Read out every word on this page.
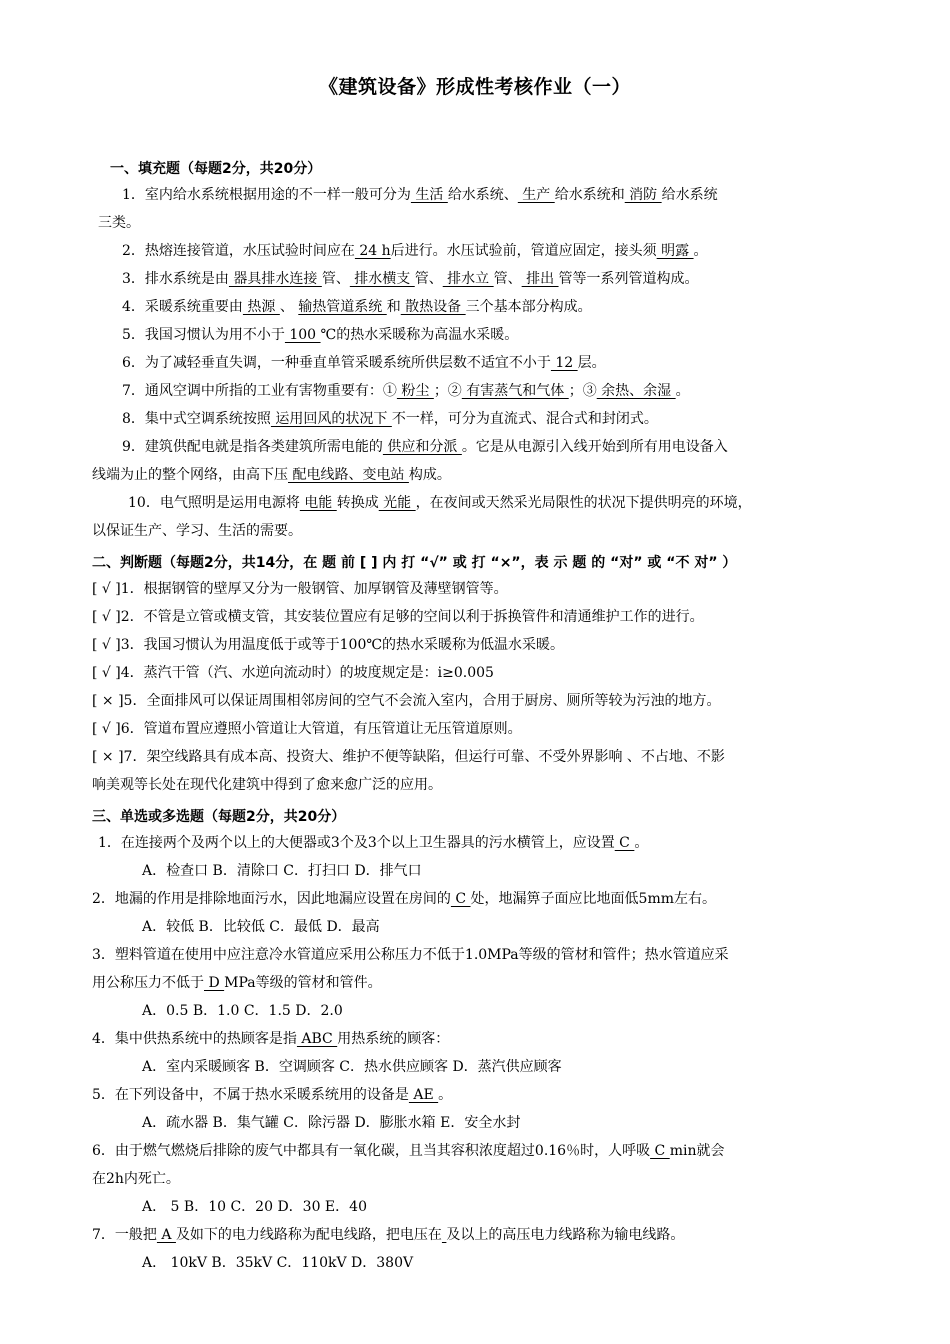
《建筑设备》形成性考核作业（一）
一、填充题（每题2分，共20分）
1．室内给水系统根据用途的不一样一般可分为 生活 给水系统、 生产 给水系统和 消防 给水系统
三类。
2．热熔连接管道，水压试验时间应在 24 h后进行。水压试验前，管道应固定，接头须 明露 。
3．排水系统是由 器具排水连接 管、 排水横支 管、 排水立 管、 排出 管等一系列管道构成。
4．采暖系统重要由 热源 、 输热管道系统 和 散热设备 三个基本部分构成。
5．我国习惯认为用不小于 100 ℃的热水采暖称为高温水采暖。
6．为了减轻垂直失调，一种垂直单管采暖系统所供层数不适宜不小于 12 层。
7．通风空调中所指的工业有害物重要有：① 粉尘 ；② 有害蒸气和气体 ；③ 余热、余湿 。
8．集中式空调系统按照 运用回风的状况下 不一样，可分为直流式、混合式和封闭式。
9．建筑供配电就是指各类建筑所需电能的 供应和分派 。它是从电源引入线开始到所有用电设备入
线端为止的整个网络，由高下压 配电线路、变电站 构成。
10．电气照明是运用电源将 电能 转换成 光能 ，在夜间或天然采光局限性的状况下提供明亮的环境，
以保证生产、学习、生活的需要。
二、判断题（每题2分，共14分，在 题 前 [ ] 内 打 “√” 或 打 “×”，表 示 题 的 “对” 或 “不 对” ）
[ √ ]1．根据钢管的壁厚又分为一般钢管、加厚钢管及薄壁钢管等。
[ √ ]2．不管是立管或横支管，其安装位置应有足够的空间以利于拆换管件和清通维护工作的进行。
[ √ ]3．我国习惯认为用温度低于或等于100℃的热水采暖称为低温水采暖。
[ √ ]4．蒸汽干管（汽、水逆向流动时）的坡度规定是：i≥0.005
[ × ]5．全面排风可以保证周围相邻房间的空气不会流入室内，合用于厨房、厕所等较为污浊的地方。
[ √ ]6．管道布置应遵照小管道让大管道，有压管道让无压管道原则。
[ × ]7．架空线路具有成本高、投资大、维护不便等缺陷，但运行可靠、不受外界影响 、不占地、不影
响美观等长处在现代化建筑中得到了愈来愈广泛的应用。
三、单选或多选题（每题2分，共20分）
1．在连接两个及两个以上的大便器或3个及3个以上卫生器具的污水横管上，应设置 C 。
A．检查口 B．清除口 C．打扫口 D．排气口
2．地漏的作用是排除地面污水，因此地漏应设置在房间的 C 处，地漏箅子面应比地面低5mm左右。
A．较低 B．比较低 C．最低 D．最高
3．塑料管道在使用中应注意冷水管道应采用公称压力不低于1.0MPa等级的管材和管件；热水管道应采
用公称压力不低于 D MPa等级的管材和管件。
A．0.5 B．1.0 C．1.5 D．2.0
4．集中供热系统中的热顾客是指 ABC 用热系统的顾客：
A．室内采暖顾客 B．空调顾客 C．热水供应顾客 D．蒸汽供应顾客
5．在下列设备中，不属于热水采暖系统用的设备是 AE 。
A．疏水器 B．集气罐 C．除污器 D．膨胀水箱 E．安全水封
6．由于燃气燃烧后排除的废气中都具有一氧化碳，且当其容积浓度超过0.16％时，人呼吸 C min就会
在2h内死亡。
A． 5 B．10 C．20 D．30 E．40
7．一般把 A 及如下的电力线路称为配电线路，把电压在 及以上的高压电力线路称为输电线路。
A． 10kV B．35kV C．110kV D．380V
